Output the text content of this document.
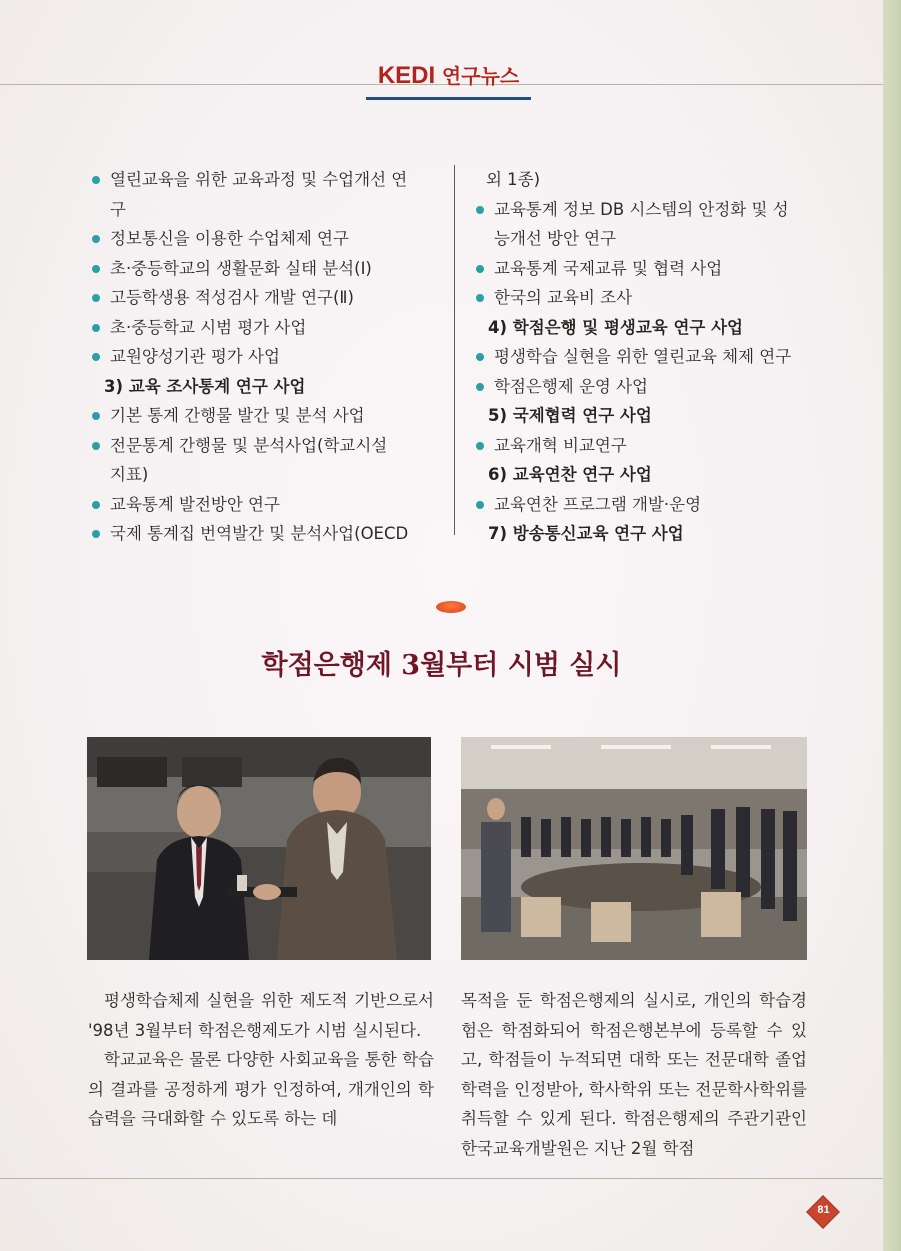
KEDI 연구뉴스
열린교육을 위한 교육과정 및 수업개선 연
구
정보통신을 이용한 수업체제 연구
초·중등학교의 생활문화 실태 분석(Ⅰ)
고등학생용 적성검사 개발 연구(Ⅱ)
초·중등학교 시범 평가 사업
교원양성기관 평가 사업
3) 교육 조사통계 연구 사업
기본 통계 간행물 발간 및 분석 사업
전문통계 간행물 및 분석사업(학교시설
지표)
교육통계 발전방안 연구
국제 통계집 번역발간 및 분석사업(OECD
외 1종)
교육통계 정보 DB 시스템의 안정화 및 성
능개선 방안 연구
교육통계 국제교류 및 협력 사업
한국의 교육비 조사
4) 학점은행 및 평생교육 연구 사업
평생학습 실현을 위한 열린교육 체제 연구
학점은행제 운영 사업
5) 국제협력 연구 사업
교육개혁 비교연구
6) 교육연찬 연구 사업
교육연찬 프로그램 개발·운영
7) 방송통신교육 연구 사업
학점은행제 3월부터 시범 실시

평생학습체제 실현을 위한 제도적 기반으로서 '98년 3월부터 학점은행제도가 시범 실시된다.

학교교육은 물론 다양한 사회교육을 통한 학습의 결과를 공정하게 평가 인정하여, 개개인의 학습력을 극대화할 수 있도록 하는 데

목적을 둔 학점은행제의 실시로, 개인의 학습경험은 학점화되어 학점은행본부에 등록할 수 있고, 학점들이 누적되면 대학 또는 전문대학 졸업학력을 인정받아, 학사학위 또는 전문학사학위를 취득할 수 있게 된다. 학점은행제의 주관기관인 한국교육개발원은 지난 2월 학점

81
